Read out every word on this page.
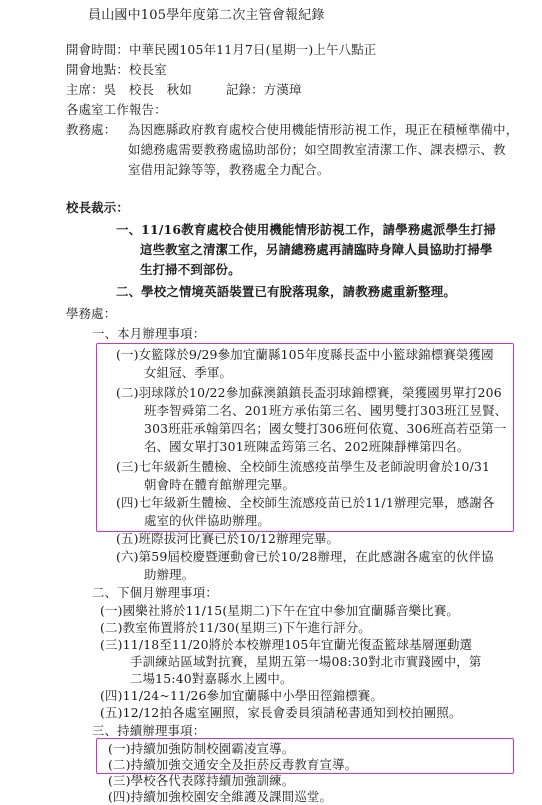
員山國中105學年度第二次主管會報紀錄
開會時間：中華民國105年11月7日(星期一)上午八點正
開會地點：校長室
主席：吳　校長　秋如	記錄：方漢璋
各處室工作報告：
教務處： 為因應縣政府教育處校合使用機能情形訪視工作，現正在積極準備中，
如總務處需要教務處協助部份；如空間教室清潔工作、課表標示、教
室借用記錄等等，教務處全力配合。
校長裁示：
一、11/16教育處校合使用機能情形訪視工作，請學務處派學生打掃
這些教室之清潔工作，另請總務處再請臨時身障人員協助打掃學
生打掃不到部份。
二、學校之情境英語裝置已有脫落現象，請教務處重新整理。
學務處：
一、本月辦理事項：
(一)女籃隊於9/29參加宜蘭縣105年度縣長盃中小籃球錦標賽榮獲國
女組冠、季軍。
(二)羽球隊於10/22參加蘇澳鎮鎮長盃羽球錦標賽，榮獲國男單打206
班李智舜第二名、201班方承佑第三名、國男雙打303班江昱賢、
303班莊承翰第四名；國女雙打306班何依寬、306班高若亞第一
名、國女單打301班陳孟筠第三名、202班陳靜樺第四名。
(三)七年級新生體檢、全校師生流感疫苗學生及老師說明會於10/31
朝會時在體育館辦理完畢。
(四)七年級新生體檢、全校師生流感疫苗已於11/1辦理完畢，感謝各
處室的伙伴協助辦理。
(五)班際拔河比賽已於10/12辦理完畢。
(六)第59屆校慶暨運動會已於10/28辦理，在此感謝各處室的伙伴協
助辦理。
二、下個月辦理事項：
(一)國樂社將於11/15(星期二)下午在宜中參加宜蘭縣音樂比賽。
(二)教室佈置將於11/30(星期三)下午進行評分。
(三)11/18至11/20將於本校辦理105年宜蘭光復盃籃球基層運動選
手訓練站區域對抗賽，星期五第一場08:30對北市實踐國中，第
二場15:40對嘉縣水上國中。
(四)11/24~11/26參加宜蘭縣中小學田徑錦標賽。
(五)12/12拍各處室團照，家長會委員須請秘書通知到校拍團照。
三、持續辦理事項：
(一)持續加強防制校園霸凌宣導。
(二)持續加強交通安全及拒菸反毒教育宣導。
(三)學校各代表隊持續加強訓練。
(四)持續加強校園安全維護及課間巡堂。
